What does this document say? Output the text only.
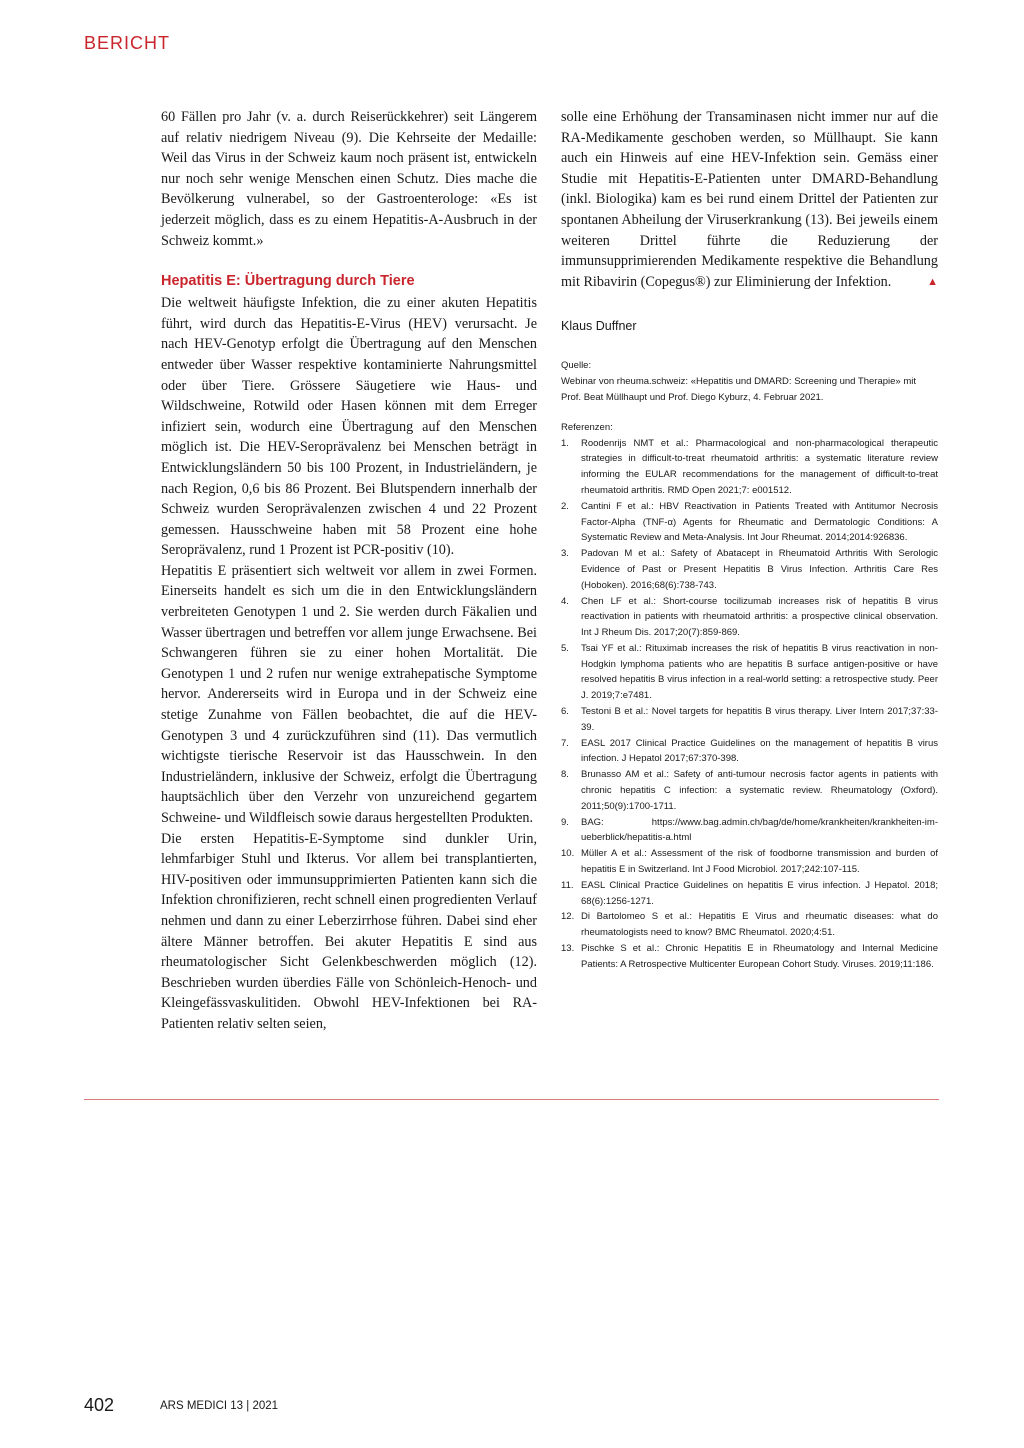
BERICHT

60 Fällen pro Jahr (v. a. durch Reiserückkehrer) seit Längerem auf relativ niedrigem Niveau (9). Die Kehrseite der Medaille: Weil das Virus in der Schweiz kaum noch präsent ist, entwickeln nur noch sehr wenige Menschen einen Schutz. Dies mache die Bevölkerung vulnerabel, so der Gastroenterologe: «Es ist jederzeit möglich, dass es zu einem Hepatitis-A-Ausbruch in der Schweiz kommt.»

Hepatitis E: Übertragung durch Tiere

Die weltweit häufigste Infektion, die zu einer akuten Hepatitis führt, wird durch das Hepatitis-E-Virus (HEV) verursacht. Je nach HEV-Genotyp erfolgt die Übertragung auf den Menschen entweder über Wasser respektive kontaminierte Nahrungsmittel oder über Tiere. Grössere Säugetiere wie Haus- und Wildschweine, Rotwild oder Hasen können mit dem Erreger infiziert sein, wodurch eine Übertragung auf den Menschen möglich ist. Die HEV-Seroprävalenz bei Menschen beträgt in Entwicklungsländern 50 bis 100 Prozent, in Industrieländern, je nach Region, 0,6 bis 86 Prozent. Bei Blutspendern innerhalb der Schweiz wurden Seroprävalenzen zwischen 4 und 22 Prozent gemessen. Hausschweine haben mit 58 Prozent eine hohe Seroprävalenz, rund 1 Prozent ist PCR-positiv (10).

Hepatitis E präsentiert sich weltweit vor allem in zwei Formen. Einerseits handelt es sich um die in den Entwicklungsländern verbreiteten Genotypen 1 und 2. Sie werden durch Fäkalien und Wasser übertragen und betreffen vor allem junge Erwachsene. Bei Schwangeren führen sie zu einer hohen Mortalität. Die Genotypen 1 und 2 rufen nur wenige extrahepatische Symptome hervor. Andererseits wird in Europa und in der Schweiz eine stetige Zunahme von Fällen beobachtet, die auf die HEV-Genotypen 3 und 4 zurückzuführen sind (11). Das vermutlich wichtigste tierische Reservoir ist das Hausschwein. In den Industrieländern, inklusive der Schweiz, erfolgt die Übertragung hauptsächlich über den Verzehr von unzureichend gegartem Schweine- und Wildfleisch sowie daraus hergestellten Produkten.

Die ersten Hepatitis-E-Symptome sind dunkler Urin, lehmfarbiger Stuhl und Ikterus. Vor allem bei transplantierten, HIV-positiven oder immunsupprimierten Patienten kann sich die Infektion chronifizieren, recht schnell einen progredienten Verlauf nehmen und dann zu einer Leberzirrhose führen. Dabei sind eher ältere Männer betroffen. Bei akuter Hepatitis E sind aus rheumatologischer Sicht Gelenkbeschwerden möglich (12). Beschrieben wurden überdies Fälle von Schönleich-Henoch- und Kleingefässvaskulitiden. Obwohl HEV-Infektionen bei RA-Patienten relativ selten seien,

solle eine Erhöhung der Transaminasen nicht immer nur auf die RA-Medikamente geschoben werden, so Müllhaupt. Sie kann auch ein Hinweis auf eine HEV-Infektion sein. Gemäss einer Studie mit Hepatitis-E-Patienten unter DMARD-Behandlung (inkl. Biologika) kam es bei rund einem Drittel der Patienten zur spontanen Abheilung der Viruserkrankung (13). Bei jeweils einem weiteren Drittel führte die Reduzierung der immunsupprimierenden Medikamente respektive die Behandlung mit Ribavirin (Copegus®) zur Eliminierung der Infektion.	▲

Klaus Duffner

Quelle:

Webinar von rheuma.schweiz: «Hepatitis und DMARD: Screening und Therapie» mit Prof. Beat Müllhaupt und Prof. Diego Kyburz, 4. Februar 2021.

Referenzen:

1. Roodenrijs NMT et al.: Pharmacological and non-pharmacological therapeutic strategies in difficult-to-treat rheumatoid arthritis: a systematic literature review informing the EULAR recommendations for the management of difficult-to-treat rheumatoid arthritis. RMD Open 2021;7: e001512.
2. Cantini F et al.: HBV Reactivation in Patients Treated with Antitumor Necrosis Factor-Alpha (TNF-α) Agents for Rheumatic and Dermatologic Conditions: A Systematic Review and Meta-Analysis. Int Jour Rheumat. 2014;2014:926836.
3. Padovan M et al.: Safety of Abatacept in Rheumatoid Arthritis With Serologic Evidence of Past or Present Hepatitis B Virus Infection. Arthritis Care Res (Hoboken). 2016;68(6):738-743.
4. Chen LF et al.: Short-course tocilizumab increases risk of hepatitis B virus reactivation in patients with rheumatoid arthritis: a prospective clinical observation. Int J Rheum Dis. 2017;20(7):859-869.
5. Tsai YF et al.: Rituximab increases the risk of hepatitis B virus reactivation in non-Hodgkin lymphoma patients who are hepatitis B surface antigen-positive or have resolved hepatitis B virus infection in a real-world setting: a retrospective study. Peer J. 2019;7:e7481.
6. Testoni B et al.: Novel targets for hepatitis B virus therapy. Liver Intern 2017;37:33-39.
7. EASL 2017 Clinical Practice Guidelines on the management of hepatitis B virus infection. J Hepatol 2017;67:370-398.
8. Brunasso AM et al.: Safety of anti-tumour necrosis factor agents in patients with chronic hepatitis C infection: a systematic review. Rheumatology (Oxford). 2011;50(9):1700-1711.
9. BAG: https://www.bag.admin.ch/bag/de/home/krankheiten/krankheiten-im-ueberblick/hepatitis-a.html
10. Müller A et al.: Assessment of the risk of foodborne transmission and burden of hepatitis E in Switzerland. Int J Food Microbiol. 2017;242:107-115.
11. EASL Clinical Practice Guidelines on hepatitis E virus infection. J Hepatol. 2018; 68(6):1256-1271.
12. Di Bartolomeo S et al.: Hepatitis E Virus and rheumatic diseases: what do rheumatologists need to know? BMC Rheumatol. 2020;4:51.
13. Pischke S et al.: Chronic Hepatitis E in Rheumatology and Internal Medicine Patients: A Retrospective Multicenter European Cohort Study. Viruses. 2019;11:186.
402	ARS MEDICI 13 | 2021
